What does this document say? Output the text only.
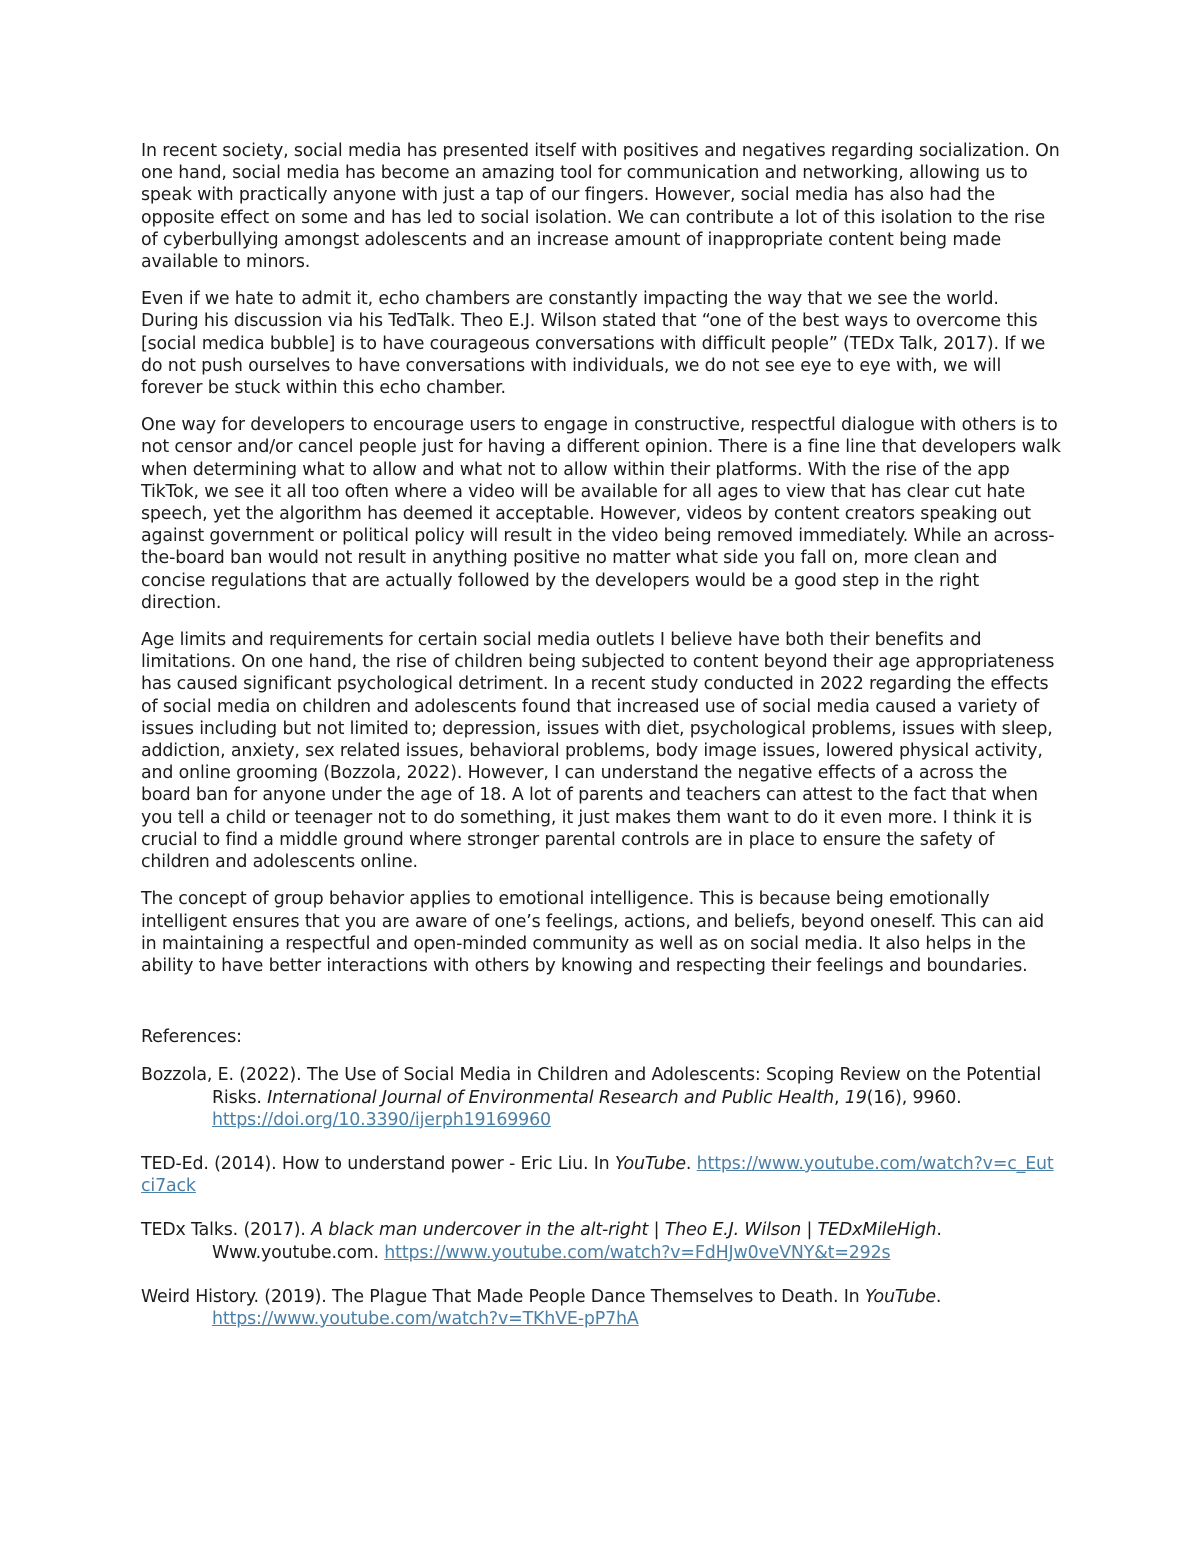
In recent society, social media has presented itself with positives and negatives regarding socialization. On one hand, social media has become an amazing tool for communication and networking, allowing us to speak with practically anyone with just a tap of our fingers. However, social media has also had the opposite effect on some and has led to social isolation. We can contribute a lot of this isolation to the rise of cyberbullying amongst adolescents and an increase amount of inappropriate content being made available to minors.

Even if we hate to admit it, echo chambers are constantly impacting the way that we see the world. During his discussion via his TedTalk. Theo E.J. Wilson stated that “one of the best ways to overcome this [social medica bubble] is to have courageous conversations with difficult people” (TEDx Talk, 2017). If we do not push ourselves to have conversations with individuals, we do not see eye to eye with, we will forever be stuck within this echo chamber.

One way for developers to encourage users to engage in constructive, respectful dialogue with others is to not censor and/or cancel people just for having a different opinion. There is a fine line that developers walk when determining what to allow and what not to allow within their platforms. With the rise of the app TikTok, we see it all too often where a video will be available for all ages to view that has clear cut hate speech, yet the algorithm has deemed it acceptable. However, videos by content creators speaking out against government or political policy will result in the video being removed immediately. While an across-the-board ban would not result in anything positive no matter what side you fall on, more clean and concise regulations that are actually followed by the developers would be a good step in the right direction.

Age limits and requirements for certain social media outlets I believe have both their benefits and limitations. On one hand, the rise of children being subjected to content beyond their age appropriateness has caused significant psychological detriment. In a recent study conducted in 2022 regarding the effects of social media on children and adolescents found that increased use of social media caused a variety of issues including but not limited to; depression, issues with diet, psychological problems, issues with sleep, addiction, anxiety, sex related issues, behavioral problems, body image issues, lowered physical activity, and online grooming (Bozzola, 2022). However, I can understand the negative effects of a across the board ban for anyone under the age of 18. A lot of parents and teachers can attest to the fact that when you tell a child or teenager not to do something, it just makes them want to do it even more. I think it is crucial to find a middle ground where stronger parental controls are in place to ensure the safety of children and adolescents online.

The concept of group behavior applies to emotional intelligence. This is because being emotionally intelligent ensures that you are aware of one’s feelings, actions, and beliefs, beyond oneself. This can aid in maintaining a respectful and open-minded community as well as on social media. It also helps in the ability to have better interactions with others by knowing and respecting their feelings and boundaries.

References:

Bozzola, E. (2022). The Use of Social Media in Children and Adolescents: Scoping Review on the Potential
Risks. International Journal of Environmental Research and Public Health, 19(16), 9960.
https://doi.org/10.3390/ijerph19169960

TED-Ed. (2014). How to understand power - Eric Liu. In YouTube. https://www.youtube.com/watch?v=c_Eutci7ack

TEDx Talks. (2017). A black man undercover in the alt-right | Theo E.J. Wilson | TEDxMileHigh.
Www.youtube.com. https://www.youtube.com/watch?v=FdHJw0veVNY&t=292s

Weird History. (2019). The Plague That Made People Dance Themselves to Death. In YouTube.
https://www.youtube.com/watch?v=TKhVE-pP7hA
